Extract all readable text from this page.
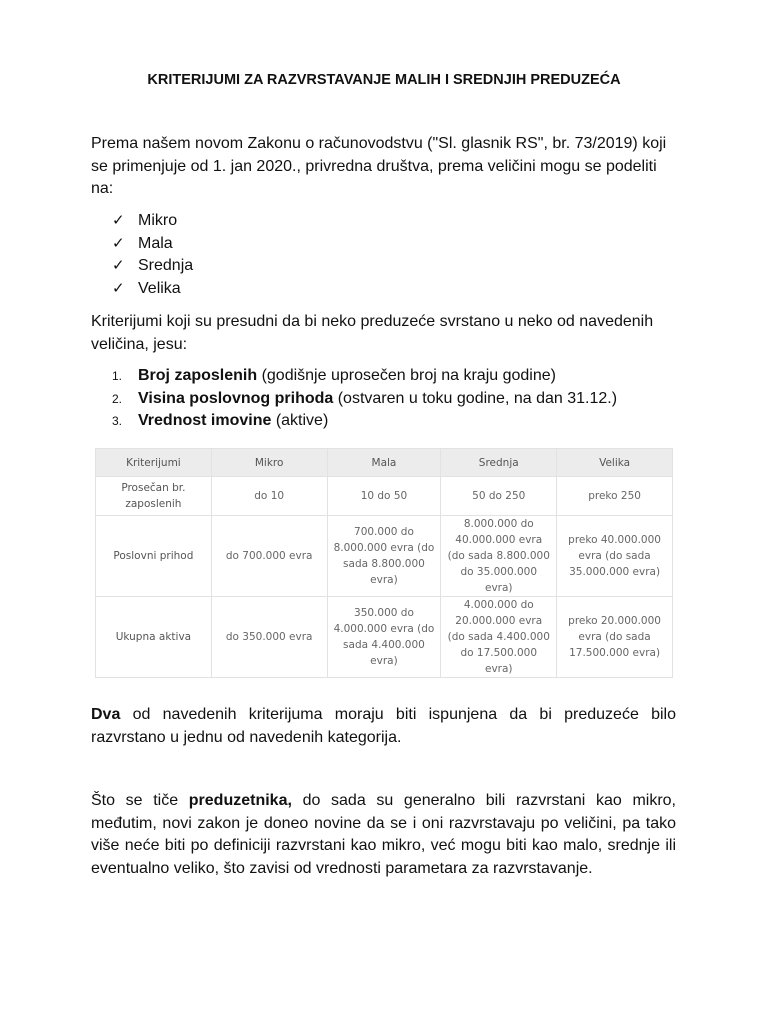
KRITERIJUMI ZA RAZVRSTAVANJE MALIH I SREDNJIH PREDUZEĆA

Prema našem novom Zakonu o računovodstvu ("Sl. glasnik RS", br. 73/2019) koji se primenjuje od 1. jan 2020., privredna društva, prema veličini mogu se podeliti na:

✓ Mikro
✓ Mala
✓ Srednja
✓ Velika

Kriterijumi koji su presudni da bi neko preduzeće svrstano u neko od navedenih veličina, jesu:

1. Broj zaposlenih (godišnje uprosečen broj na kraju godine)
2. Visina poslovnog prihoda (ostvaren u toku godine, na dan 31.12.)
3. Vrednost imovine (aktive)
Kriterijumi	Mikro	Mala	Srednja	Velika
Prosečan br. zaposlenih	do 10	10 do 50	50 do 250	preko 250
Poslovni prihod	do 700.000 evra	700.000 do 8.000.000 evra (do sada 8.800.000 evra)	8.000.000 do 40.000.000 evra (do sada 8.800.000 do 35.000.000 evra)	preko 40.000.000 evra (do sada 35.000.000 evra)
Ukupna aktiva	do 350.000 evra	350.000 do 4.000.000 evra (do sada 4.400.000 evra)	4.000.000 do 20.000.000 evra (do sada 4.400.000 do 17.500.000 evra)	preko 20.000.000 evra (do sada 17.500.000 evra)

Dva od navedenih kriterijuma moraju biti ispunjena da bi preduzeće bilo razvrstano u jednu od navedenih kategorija.

Što se tiče preduzetnika, do sada su generalno bili razvrstani kao mikro, međutim, novi zakon je doneo novine da se i oni razvrstavaju po veličini, pa tako više neće biti po definiciji razvrstani kao mikro, već mogu biti kao malo, srednje ili eventualno veliko, što zavisi od vrednosti parametara za razvrstavanje.
